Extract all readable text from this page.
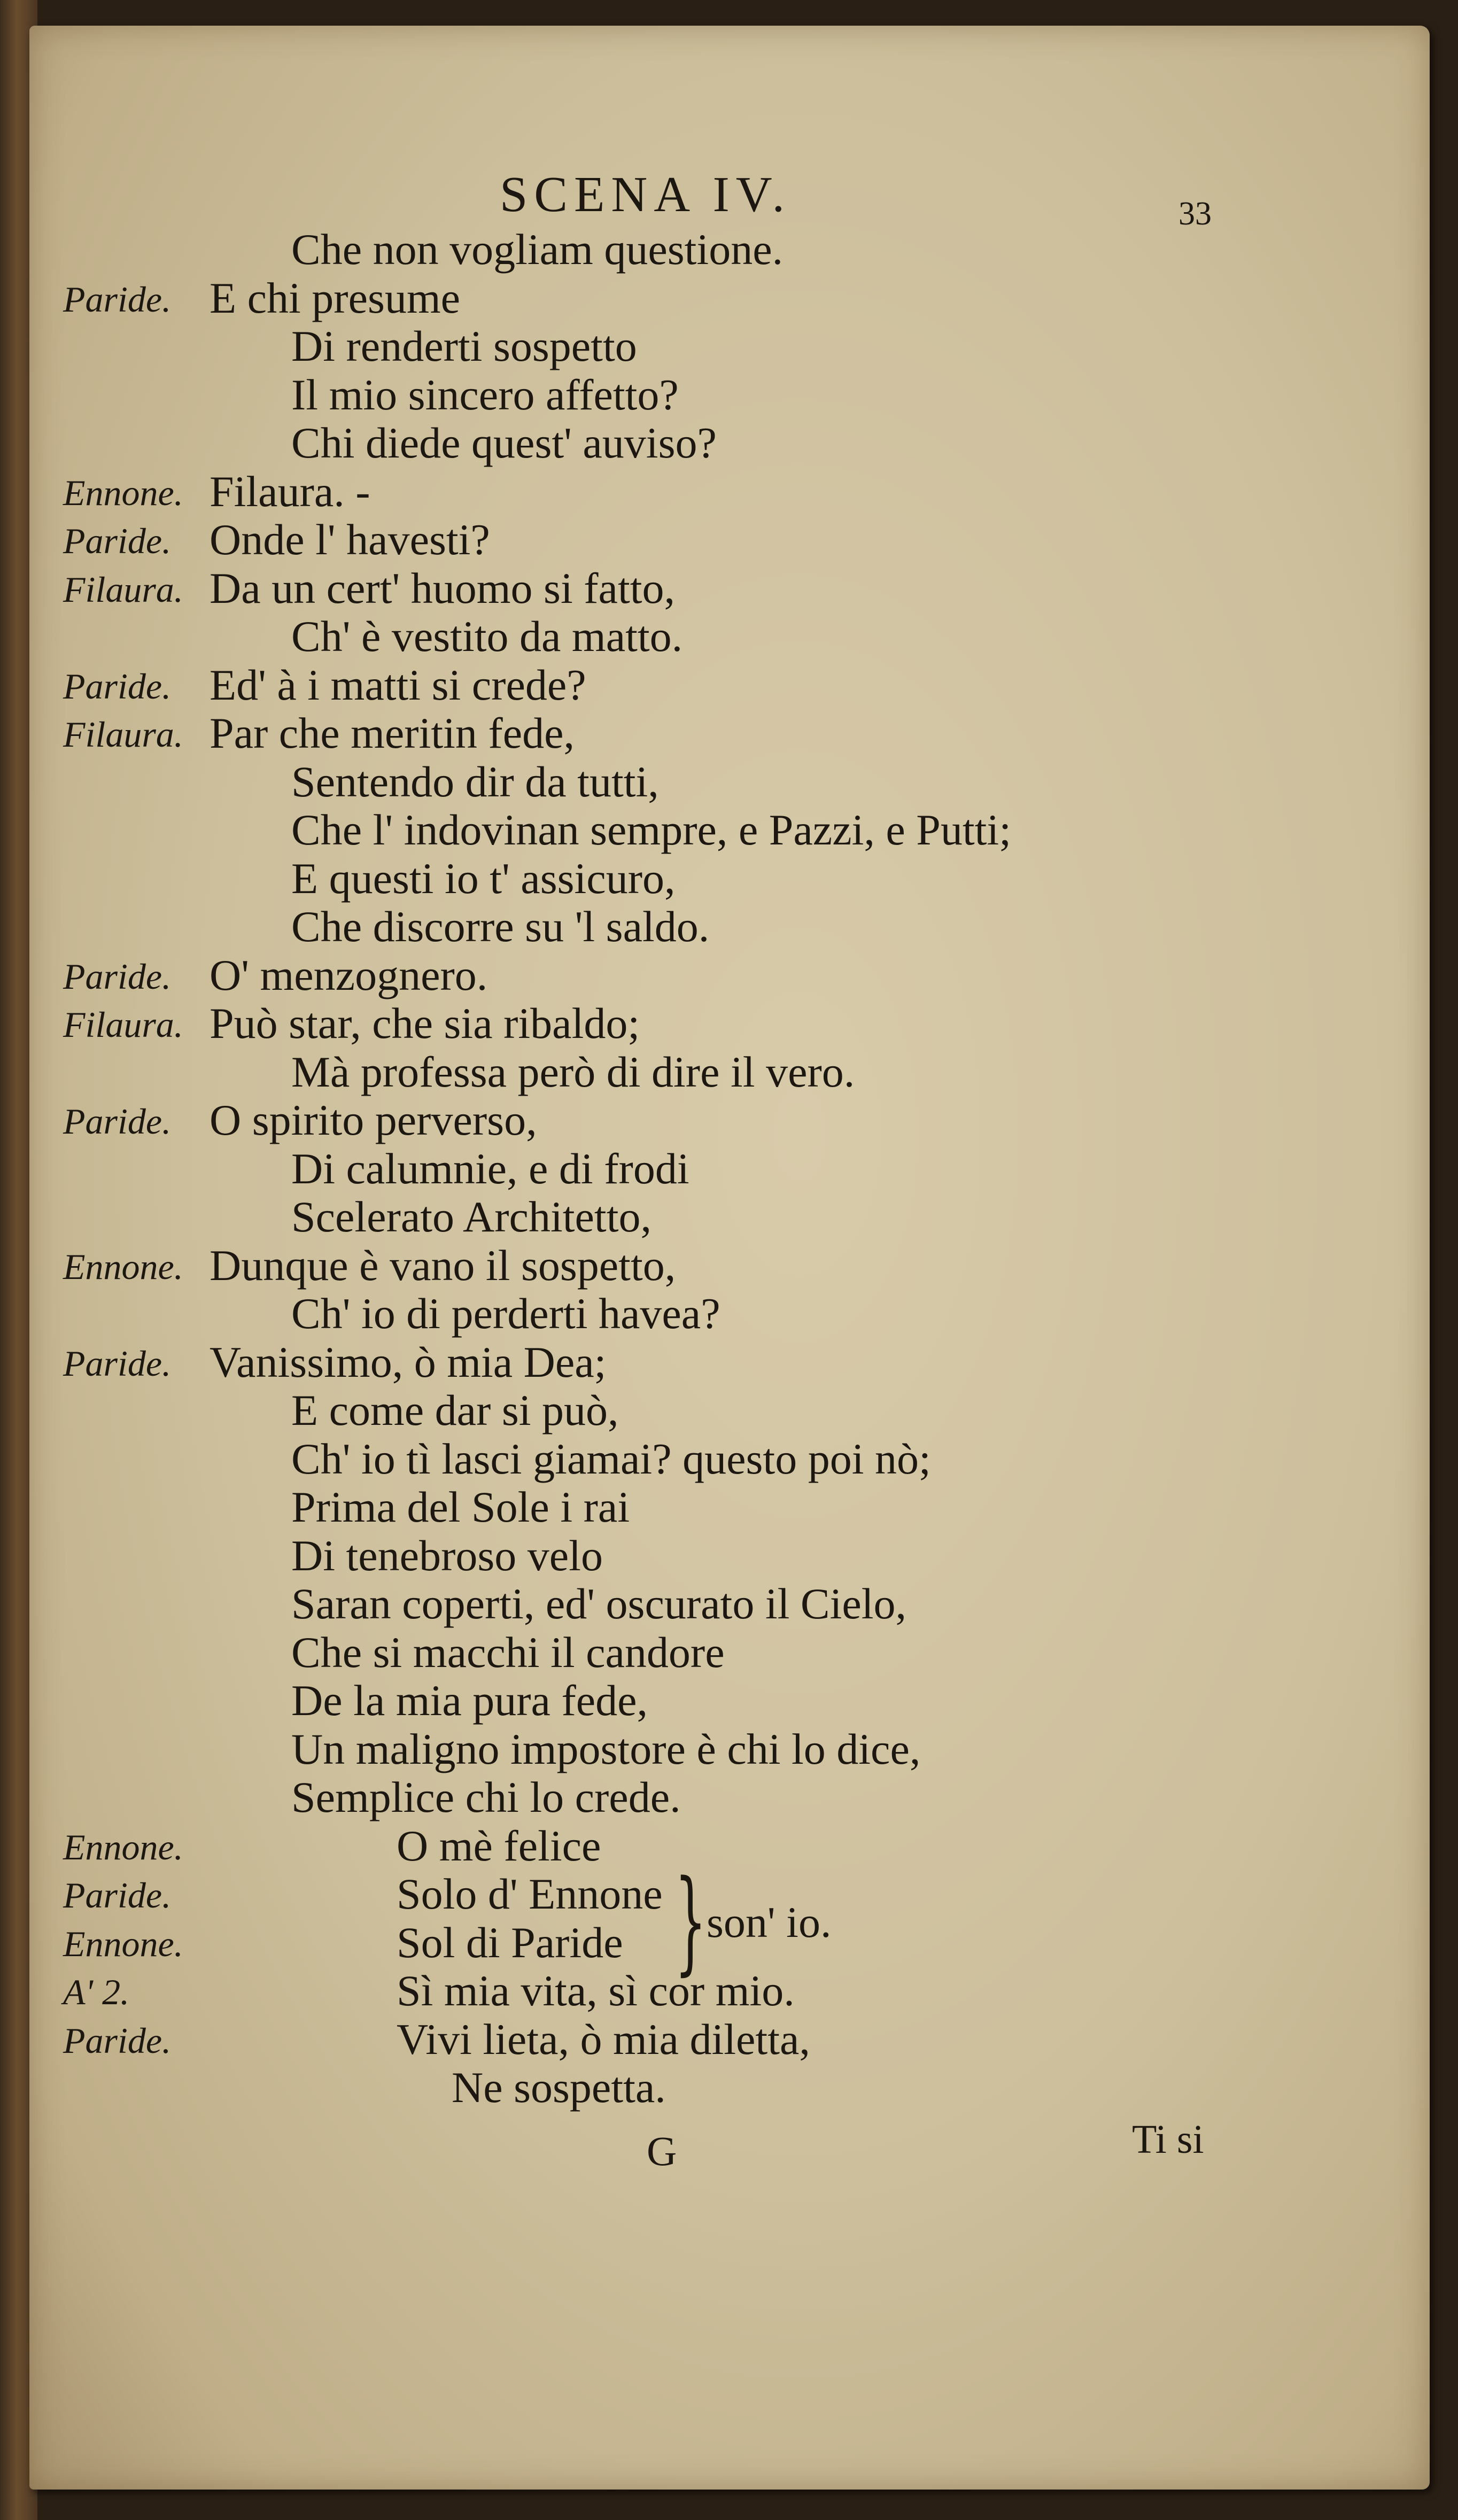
SCENA IV.	33
Che non vogliam questione.
Paride. E chi presume
Di renderti sospetto
Il mio sincero affetto?
Chi diede quest' auviso?
Ennone. Filaura. -
Paride. Onde l' havesti?
Filaura. Da un cert' huomo si fatto,
Ch' è vestito da matto.
Paride. Ed' à i matti si crede?
Filaura. Par che meritin fede,
Sentendo dir da tutti,
Che l' indovinan sempre, e Pazzi, e Putti;
E questi io t' assicuro,
Che discorre su 'l saldo.
Paride. O' menzognero.
Filaura. Può star, che sia ribaldo;
Mà professa però di dire il vero.
Paride. O spirito perverso,
Di calumnie, e di frodi
Scelerato Architetto,
Ennone. Dunque è vano il sospetto,
Ch' io di perderti havea?
Paride. Vanissimo, ò mia Dea;
E come dar si può,
Ch' io tì lasci giamai? questo poi nò;
Prima del Sole i rai
Di tenebroso velo
Saran coperti, ed' oscurato il Cielo,
Che si macchi il candore
De la mia pura fede,
Un maligno impostore è chi lo dice,
Semplice chi lo crede.
Ennone.	O mè felice
Paride.	Solo d' Ennone
Ennone.	Sol di Paride
A' 2.	Sì mia vita, sì cor mio.
Paride.	Vivi lieta, ò mia diletta,
Ne sospetta.
} son' io.
G	Ti si
